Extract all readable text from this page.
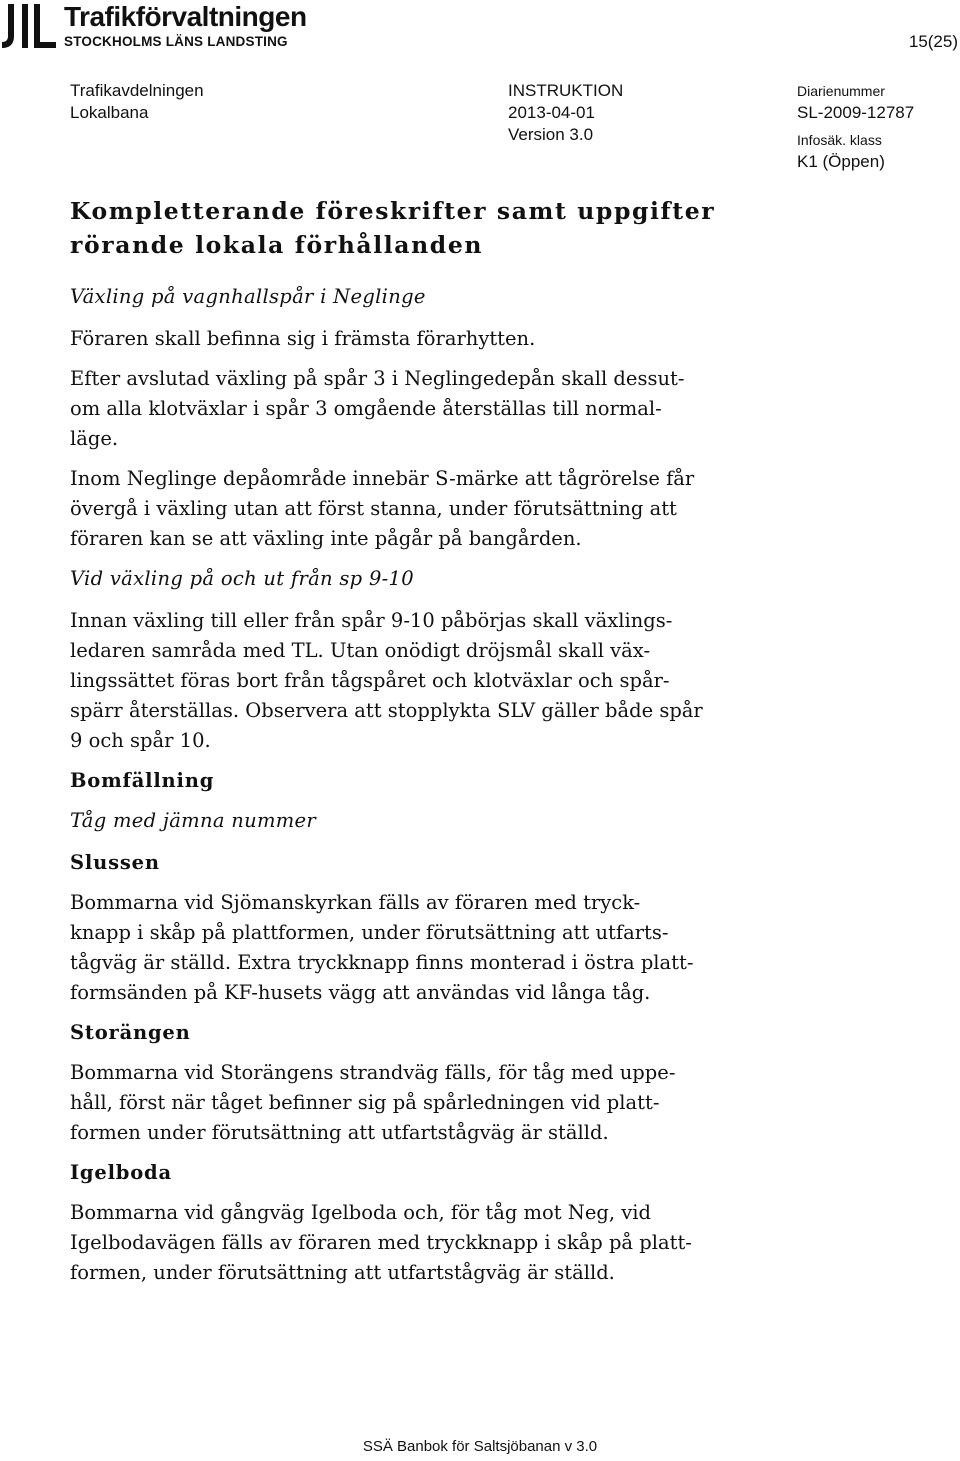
Trafikförvaltningen
STOCKHOLMS LÄNS LANDSTING	15(25)
Trafikavdelningen
Lokalbana
INSTRUKTION
2013-04-01
Version 3.0
Diarienummer
SL-2009-12787
Infosäk. klass
K1 (Öppen)
Kompletterande föreskrifter samt uppgifter
rörande lokala förhållanden
Växling på vagnhallspår i Neglinge
Föraren skall befinna sig i främsta förarhytten.
Efter avslutad växling på spår 3 i Neglingedepån skall dessut-
om alla klotväxlar i spår 3 omgående återställas till normal-
läge.
Inom Neglinge depåområde innebär S-märke att tågrörelse får
övergå i växling utan att först stanna, under förutsättning att
föraren kan se att växling inte pågår på bangården.
Vid växling på och ut från sp 9-10
Innan växling till eller från spår 9-10 påbörjas skall växlings-
ledaren samråda med TL. Utan onödigt dröjsmål skall väx-
lingssättet föras bort från tågspåret och klotväxlar och spår-
spärr återställas. Observera att stopplykta SLV gäller både spår
9 och spår 10.
Bomfällning
Tåg med jämna nummer
Slussen
Bommarna vid Sjömanskyrkan fälls av föraren med tryck-
knapp i skåp på plattformen, under förutsättning att utfarts-
tågväg är ställd. Extra tryckknapp finns monterad i östra platt-
formsänden på KF-husets vägg att användas vid långa tåg.
Storängen
Bommarna vid Storängens strandväg fälls, för tåg med uppe-
håll, först när tåget befinner sig på spårledningen vid platt-
formen under förutsättning att utfartstågväg är ställd.
Igelboda
Bommarna vid gångväg Igelboda och, för tåg mot Neg, vid
Igelbodavägen fälls av föraren med tryckknapp i skåp på platt-
formen, under förutsättning att utfartstågväg är ställd.
SSÄ Banbok för Saltsjöbanan v 3.0
